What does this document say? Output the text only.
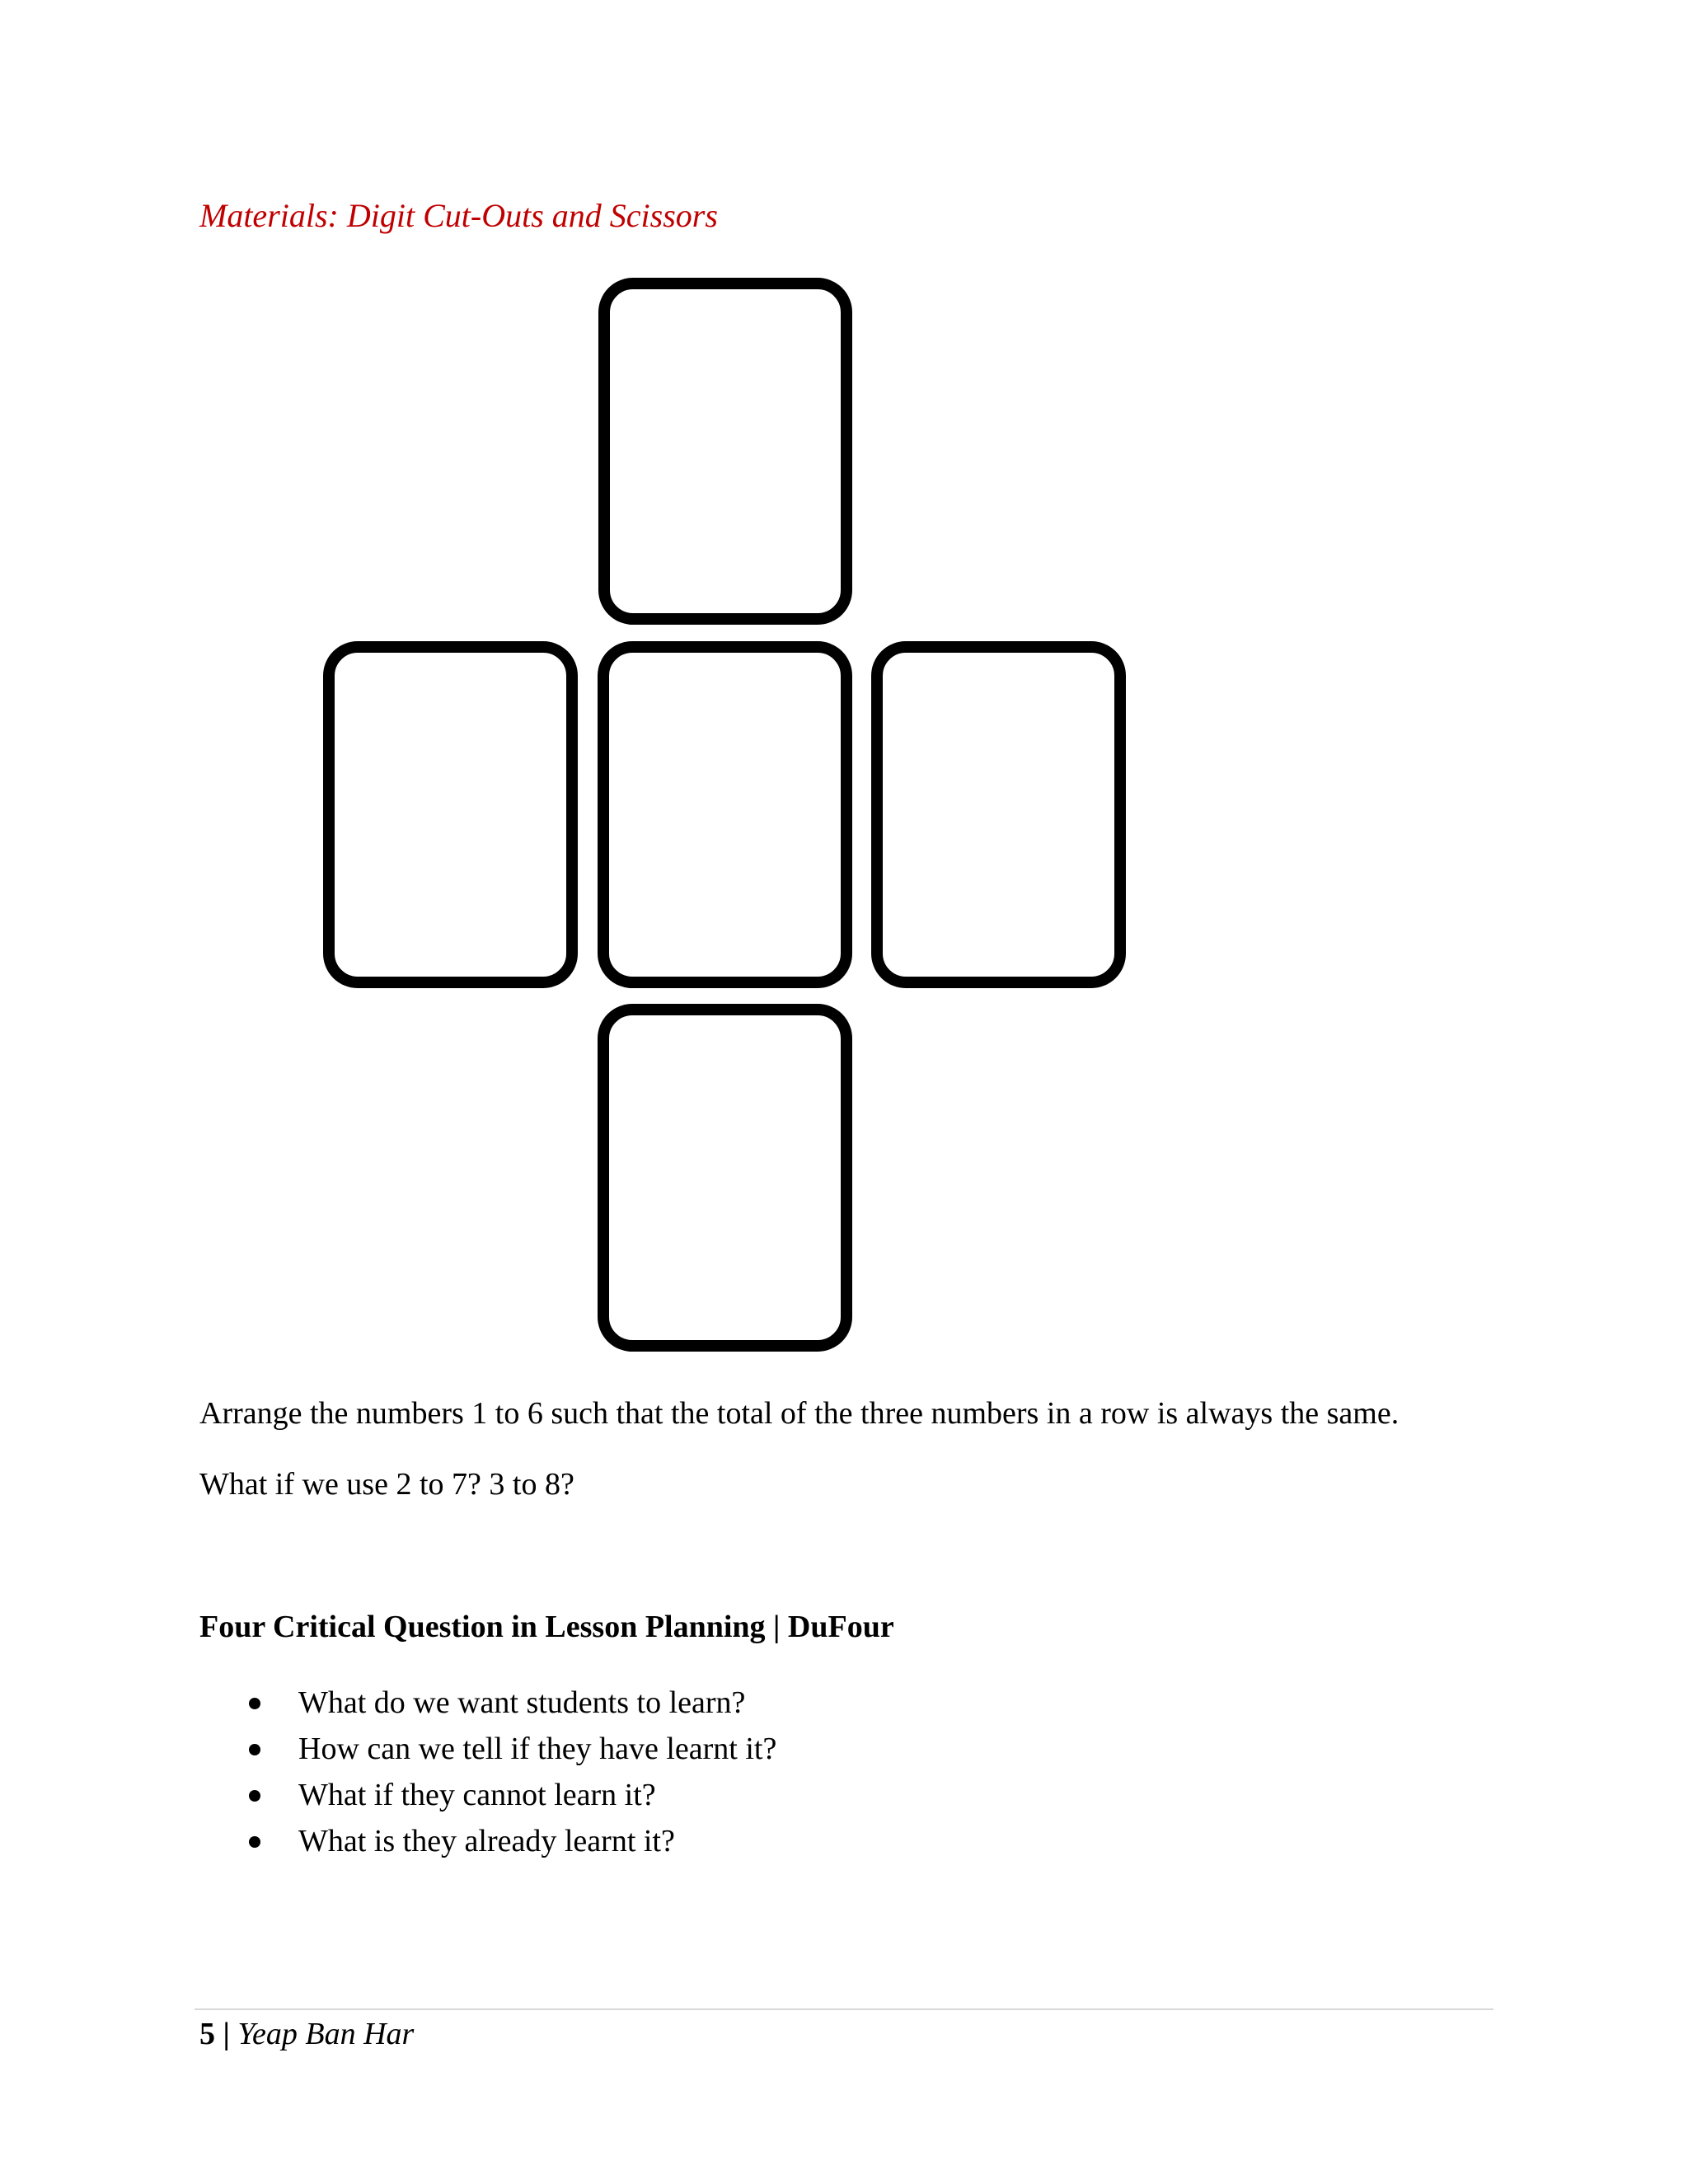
Materials: Digit Cut-Outs and Scissors
Arrange the numbers 1 to 6 such that the total of the three numbers in a row is always the same.
What if we use 2 to 7? 3 to 8?
Four Critical Question in Lesson Planning | DuFour
What do we want students to learn?
How can we tell if they have learnt it?
What if they cannot learn it?
What is they already learnt it?
5 | Yeap Ban Har
